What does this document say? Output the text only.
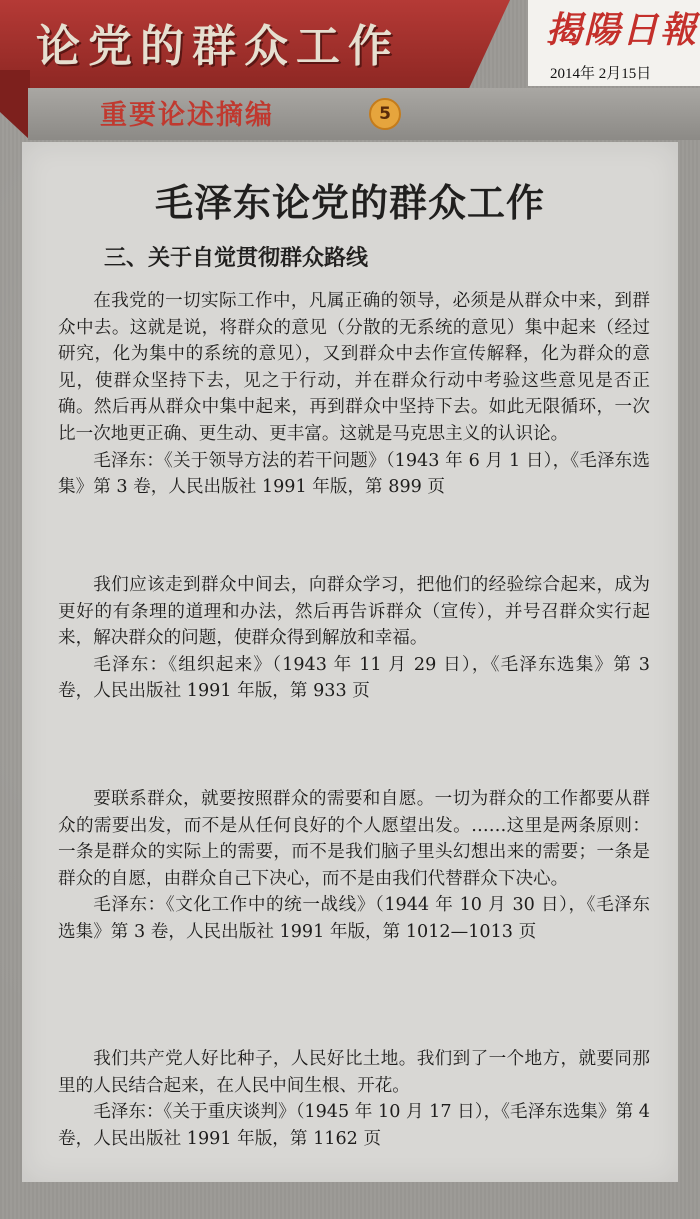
论党的群众工作	揭陽日報
2014年 2月15日
重要论述摘编	5
毛泽东论党的群众工作
三、关于自觉贯彻群众路线

在我党的一切实际工作中，凡属正确的领导，必须是从群众中来，到群众中去。这就是说，将群众的意见（分散的无系统的意见）集中起来（经过研究，化为集中的系统的意见），又到群众中去作宣传解释，化为群众的意见，使群众坚持下去，见之于行动，并在群众行动中考验这些意见是否正确。然后再从群众中集中起来，再到群众中坚持下去。如此无限循环，一次比一次地更正确、更生动、更丰富。这就是马克思主义的认识论。

毛泽东：《关于领导方法的若干问题》（1943 年 6 月 1 日），《毛泽东选集》第 3 卷，人民出版社 1991 年版，第 899 页

我们应该走到群众中间去，向群众学习，把他们的经验综合起来，成为更好的有条理的道理和办法，然后再告诉群众（宣传），并号召群众实行起来，解决群众的问题，使群众得到解放和幸福。

毛泽东：《组织起来》（1943 年 11 月 29 日），《毛泽东选集》第 3 卷，人民出版社 1991 年版，第 933 页

要联系群众，就要按照群众的需要和自愿。一切为群众的工作都要从群众的需要出发，而不是从任何良好的个人愿望出发。……这里是两条原则：一条是群众的实际上的需要，而不是我们脑子里头幻想出来的需要；一条是群众的自愿，由群众自己下决心，而不是由我们代替群众下决心。

毛泽东：《文化工作中的统一战线》（1944 年 10 月 30 日），《毛泽东选集》第 3 卷，人民出版社 1991 年版，第 1012—1013 页

我们共产党人好比种子，人民好比土地。我们到了一个地方，就要同那里的人民结合起来，在人民中间生根、开花。

毛泽东：《关于重庆谈判》（1945 年 10 月 17 日），《毛泽东选集》第 4 卷，人民出版社 1991 年版，第 1162 页
